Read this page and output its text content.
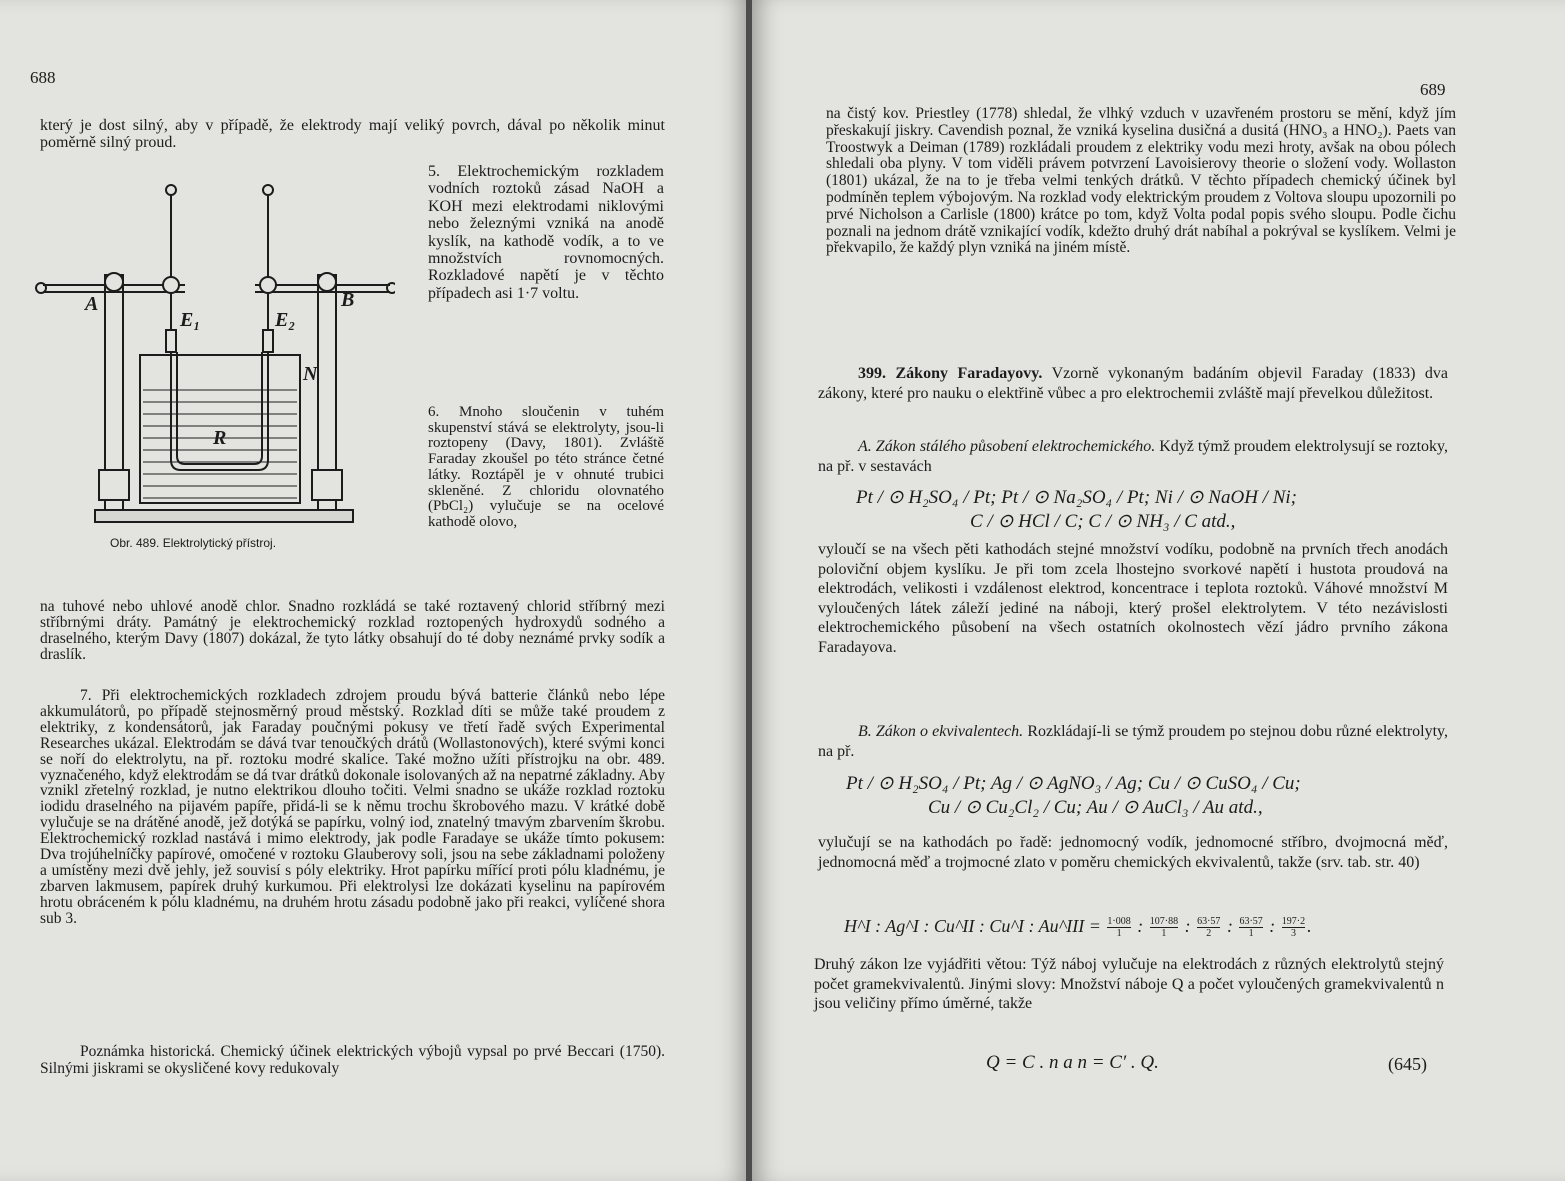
688

který je dost silný, aby v případě, že elektrody mají veliký povrch, dával po několik minut poměrně silný proud.

A
E₁	E₂
B
N
R
Obr. 489. Elektrolytický přístroj.

5. Elektrochemickým rozkladem vodních roztoků zásad NaOH a KOH mezi elektrodami niklovými nebo železnými vzniká na anodě kyslík, na kathodě vodík, a to ve množstvích rovnomocných. Rozkladové napětí je v těchto případech asi 1·7 voltu.

6. Mnoho sloučenin v tuhém skupenství stává se elektrolyty, jsou-li roztopeny (Davy, 1801). Zvláště Faraday zkoušel po této stránce četné látky. Roztápěl je v ohnuté trubici skleněné. Z chloridu olovnatého (PbCl₂) vylučuje se na ocelové kathodě olovo,

na tuhové nebo uhlové anodě chlor. Snadno rozkládá se také roztavený chlorid stříbrný mezi stříbrnými dráty. Památný je elektrochemický rozklad roztopených hydroxydů sodného a draselného, kterým Davy (1807) dokázal, že tyto látky obsahují do té doby neznámé prvky sodík a draslík.

7. Při elektrochemických rozkladech zdrojem proudu bývá batterie článků nebo lépe akkumulátorů, po případě stejnosměrný proud městský. Rozklad díti se může také proudem z elektriky, z kondensátorů, jak Faraday poučnými pokusy ve třetí řadě svých Experimental Researches ukázal. Elektrodám se dává tvar tenoučkých drátů (Wollastonových), které svými konci se noří do elektrolytu, na př. roztoku modré skalice. Také možno užíti přístrojku na obr. 489. vyznačeného, když elektrodám se dá tvar drátků dokonale isolovaných až na nepatrné základny. Aby vznikl zřetelný rozklad, je nutno elektrikou dlouho točiti. Velmi snadno se ukáže rozklad roztoku iodidu draselného na pijavém papíře, přidá-li se k němu trochu škrobového mazu. V krátké době vylučuje se na drátěné anodě, jež dotýká se papírku, volný iod, znatelný tmavým zbarvením škrobu. Elektrochemický rozklad nastává i mimo elektrody, jak podle Faradaye se ukáže tímto pokusem: Dva trojúhelníčky papírové, omočené v roztoku Glauberovy soli, jsou na sebe základnami položeny a umístěny mezi dvě jehly, jež souvisí s póly elektriky. Hrot papírku mířící proti pólu kladnému, je zbarven lakmusem, papírek druhý kurkumou. Při elektrolysi lze dokázati kyselinu na papírovém hrotu obráceném k pólu kladnému, na druhém hrotu zásadu podobně jako při reakci, vylíčené shora sub 3.

Poznámka historická. Chemický účinek elektrických výbojů vypsal po prvé Beccari (1750). Silnými jiskrami se okysličené kovy redukovaly

689

na čistý kov. Priestley (1778) shledal, že vlhký vzduch v uzavřeném prostoru se mění, když jím přeskakují jiskry. Cavendish poznal, že vzniká kyselina dusičná a dusitá (HNO₃ a HNO₂). Paets van Troostwyk a Deiman (1789) rozkládali proudem z elektriky vodu mezi hroty, avšak na obou pólech shledali oba plyny. V tom viděli právem potvrzení Lavoisierovy theorie o složení vody. Wollaston (1801) ukázal, že na to je třeba velmi tenkých drátků. V těchto případech chemický účinek byl podmíněn teplem výbojovým. Na rozklad vody elektrickým proudem z Voltova sloupu upozornili po prvé Nicholson a Carlisle (1800) krátce po tom, když Volta podal popis svého sloupu. Podle čichu poznali na jednom drátě vznikající vodík, kdežto druhý drát nabíhal a pokrýval se kyslíkem. Velmi je překvapilo, že každý plyn vzniká na jiném místě.

399. Zákony Faradayovy. Vzorně vykonaným badáním objevil Faraday (1833) dva zákony, které pro nauku o elektřině vůbec a pro elektrochemii zvláště mají převelkou důležitost.

A. Zákon stálého působení elektrochemického. Když týmž proudem elektrolysují se roztoky, na př. v sestavách

Pt / ⊙ H₂SO₄ / Pt; Pt / ⊙ Na₂SO₄ / Pt; Ni / ⊙ NaOH / Ni;
C / ⊙ HCl / C; C / ⊙ NH₃ / C atd.,

vyloučí se na všech pěti kathodách stejné množství vodíku, podobně na prvních třech anodách poloviční objem kyslíku. Je při tom zcela lhostejno svorkové napětí i hustota proudová na elektrodách, velikosti i vzdálenost elektrod, koncentrace i teplota roztoků. Váhové množství M vyloučených látek záleží jediné na náboji, který prošel elektrolytem. V této nezávislosti elektrochemického působení na všech ostatních okolnostech vězí jádro prvního zákona Faradayova.

B. Zákon o ekvivalentech. Rozkládají-li se týmž proudem po stejnou dobu různé elektrolyty, na př.

Pt / ⊙ H₂SO₄ / Pt; Ag / ⊙ AgNO₃ / Ag; Cu / ⊙ CuSO₄ / Cu;
Cu / ⊙ Cu₂Cl₂ / Cu; Au / ⊙ AuCl₃ / Au atd.,

vylučují se na kathodách po řadě: jednomocný vodík, jednomocné stříbro, dvojmocná měď, jednomocná měď a trojmocné zlato v poměru chemických ekvivalentů, takže (srv. tab. str. 40)

H^I : Ag^I : Cu^II : Cu^I : Au^III = $\frac{1\cdot 008}{1}$ : $\frac{107\cdot 88}{1}$ : $\frac{63\cdot 57}{2}$ : $\frac{63\cdot 57}{1}$ : $\frac{197\cdot 2}{3}$ .

Druhý zákon lze vyjádřiti větou: Týž náboj vylučuje na elektrodách z různých elektrolytů stejný počet gramekvivalentů. Jinými slovy: Množství náboje Q a počet vyloučených gramekvivalentů n jsou veličiny přímo úměrné, takže

Q = C . n a n = C′ . Q.	(645)
